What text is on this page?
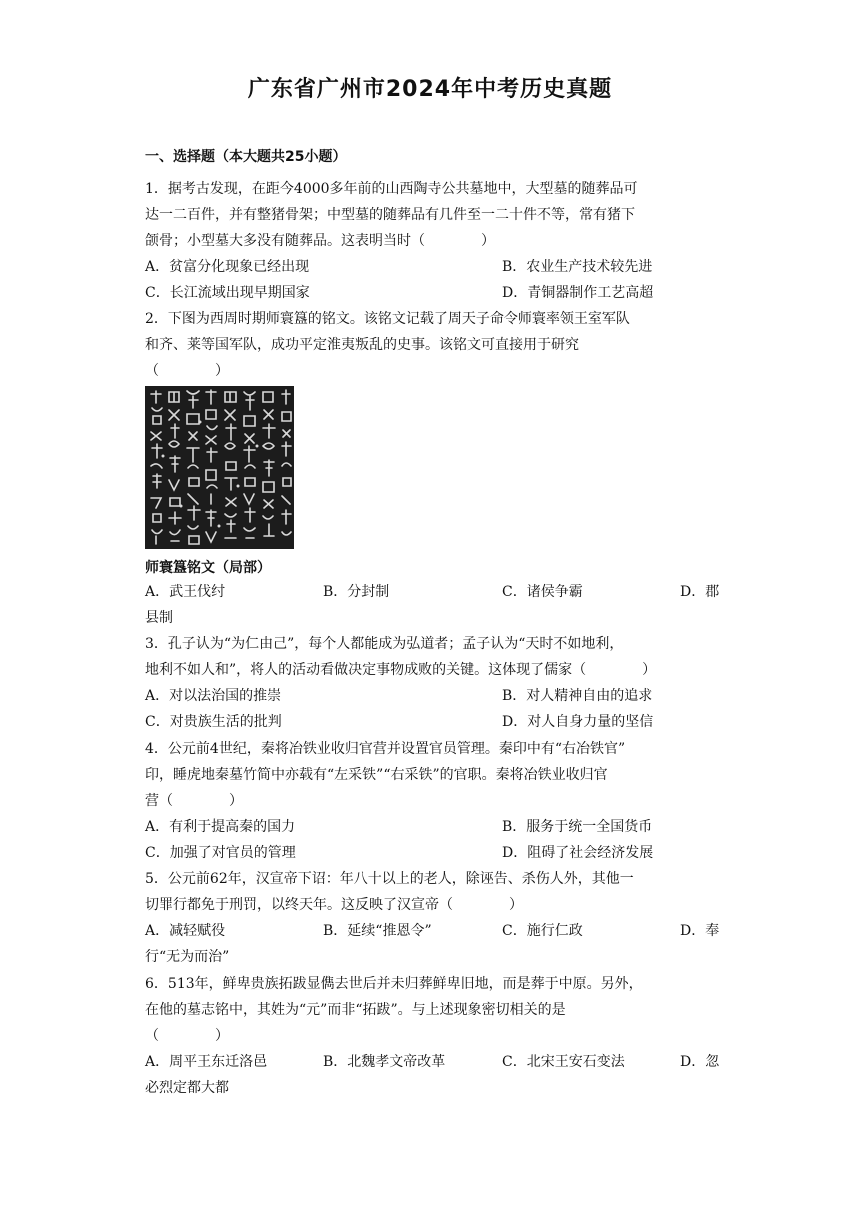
广东省广州市2024年中考历史真题
一、选择题（本大题共25小题）
1．据考古发现，在距今4000多年前的山西陶寺公共墓地中，大型墓的随葬品可
达一二百件，并有整猪骨架；中型墓的随葬品有几件至一二十件不等，常有猪下
颌骨；小型墓大多没有随葬品。这表明当时（　　　　）
A．贫富分化现象已经出现	B．农业生产技术较先进
C．长江流域出现早期国家	D．青铜器制作工艺高超
2．下图为西周时期师寰簋的铭文。该铭文记载了周天子命令师寰率领王室军队
和齐、莱等国军队，成功平定淮夷叛乱的史事。该铭文可直接用于研究
（　　　　）
师寰簋铭文（局部）
A．武王伐纣	B．分封制	C．诸侯争霸	D．郡
县制
3．孔子认为“为仁由己”，每个人都能成为弘道者；孟子认为“天时不如地利，
地利不如人和”，将人的活动看做决定事物成败的关键。这体现了儒家（　　　　）
A．对以法治国的推崇	B．对人精神自由的追求
C．对贵族生活的批判	D．对人自身力量的坚信
4．公元前4世纪，秦将冶铁业收归官营并设置官员管理。秦印中有“右冶铁官”
印，睡虎地秦墓竹简中亦载有“左采铁”“右采铁”的官职。秦将冶铁业收归官
营（　　　　）
A．有利于提高秦的国力	B．服务于统一全国货币
C．加强了对官员的管理	D．阻碍了社会经济发展
5．公元前62年，汉宣帝下诏：年八十以上的老人，除诬告、杀伤人外，其他一
切罪行都免于刑罚，以终天年。这反映了汉宣帝（　　　　）
A．减轻赋役	B．延续“推恩令”	C．施行仁政	D．奉
行“无为而治”
6．513年，鲜卑贵族拓跋显儁去世后并未归葬鲜卑旧地，而是葬于中原。另外，
在他的墓志铭中，其姓为“元”而非“拓跋”。与上述现象密切相关的是
（　　　　）
A．周平王东迁洛邑	B．北魏孝文帝改革	C．北宋王安石变法	D．忽
必烈定都大都
